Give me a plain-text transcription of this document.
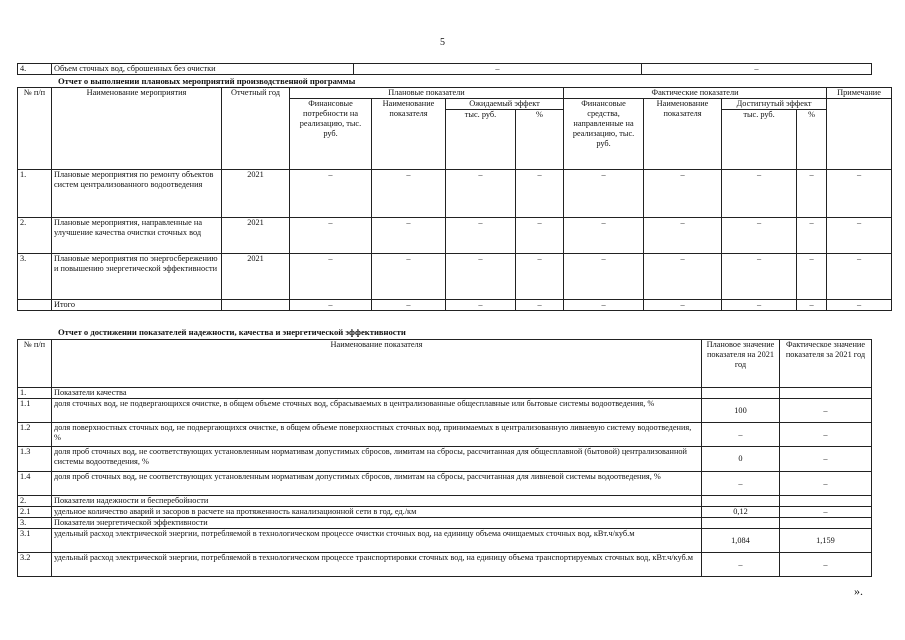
5
4.	Объем сточных вод, сброшенных без очистки	–	–
Отчет о выполнении плановых мероприятий производственной программы
№ п/п	Наименование мероприятия	Отчетный год	Плановые показатели				Фактические показатели				Примечание
			Финансовые потребности на реализацию, тыс. руб.	Наименование показателя	Ожидаемый эффект		Финансовые средства, направленные на реализацию, тыс. руб.	Наименование показателя	Достигнутый эффект		
					тыс. руб.	%			тыс. руб.	%	
1.	Плановые мероприятия по ремонту объектов систем централизованного водоотведения	2021	–	–	–	–	–	–	–	–	–
2.	Плановые мероприятия, направленные на улучшение качества очистки сточных вод	2021	–	–	–	–	–	–	–	–	–
3.	Плановые мероприятия по энергосбережению и повышению энергетической эффективности	2021	–	–	–	–	–	–	–	–	–
	Итого		–	–	–	–	–	–	–	–	–
Отчет о достижении показателей надежности, качества и энергетической эффективности
№ п/п	Наименование показателя	Плановое значение показателя на 2021 год	Фактическое значение показателя за 2021 год
1.	Показатели качества		
1.1	доля сточных вод, не подвергающихся очистке, в общем объеме сточных вод, сбрасываемых в централизованные общесплавные или бытовые системы водоотведения, %	100	–
1.2	доля поверхностных сточных вод, не подвергающихся очистке, в общем объеме поверхностных сточных вод, принимаемых в централизованную ливневую систему водоотведения, %	–	–
1.3	доля проб сточных вод, не соответствующих установленным нормативам допустимых сбросов, лимитам на сбросы, рассчитанная для общесплавной (бытовой) централизованной системы водоотведения, %	0	–
1.4	доля проб сточных вод, не соответствующих установленным нормативам допустимых сбросов, лимитам на сбросы, рассчитанная для ливневой системы водоотведения, %	–	–
2.	Показатели надежности и бесперебойности		
2.1	удельное количество аварий и засоров в расчете на протяженность канализационной сети в год, ед./км	0,12	–
3.	Показатели энергетической эффективности		
3.1	удельный расход электрической энергии, потребляемой в технологическом процессе очистки сточных вод, на единицу объема очищаемых сточных вод, кВт.ч/куб.м	1,084	1,159
3.2	удельный расход электрической энергии, потребляемой в технологическом процессе транспортировки сточных вод, на единицу объема транспортируемых сточных вод, кВт.ч/куб.м	–	–
».
